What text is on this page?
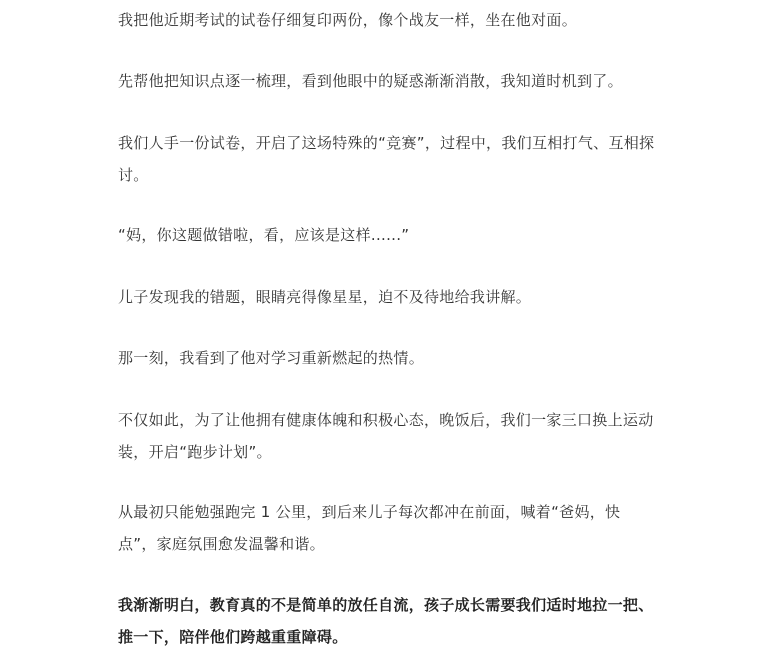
我把他近期考试的试卷仔细复印两份，像个战友一样，坐在他对面。

先帮他把知识点逐一梳理，看到他眼中的疑惑渐渐消散，我知道时机到了。

我们人手一份试卷，开启了这场特殊的“竞赛”，过程中，我们互相打气、互相探讨。

“妈，你这题做错啦，看，应该是这样......”

儿子发现我的错题，眼睛亮得像星星，迫不及待地给我讲解。

那一刻，我看到了他对学习重新燃起的热情。

不仅如此，为了让他拥有健康体魄和积极心态，晚饭后，我们一家三口换上运动装，开启“跑步计划”。

从最初只能勉强跑完 1 公里，到后来儿子每次都冲在前面，喊着“爸妈，快点”，家庭氛围愈发温馨和谐。

我渐渐明白，教育真的不是简单的放任自流，孩子成长需要我们适时地拉一把、推一下，陪伴他们跨越重重障碍。
